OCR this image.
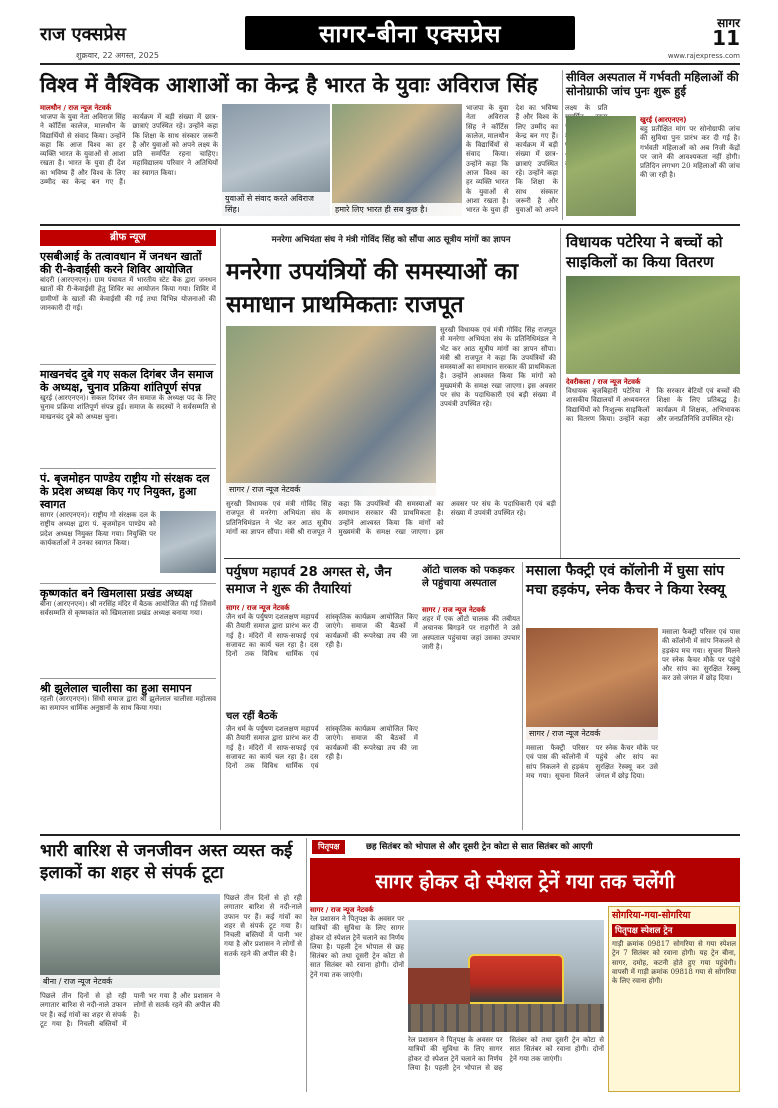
राज एक्सप्रेस
शुक्रवार, 22 अगस्त, 2025
सागर-बीना एक्सप्रेस	सागर
11
www.rajexpress.com
विश्व में वैश्विक आशाओं का केन्द्र है भारत के युवाः अविराज सिंह
मालथौन / राज न्यूज नेटवर्क
भाजपा के युवा नेता अविराज सिंह ने कॉर्टिस कालेज, मालथौन के विद्यार्थियों से संवाद किया। उन्होंने कहा कि आज विश्व का हर व्यक्ति भारत के युवाओं से आशा रखता है। भारत के युवा ही देश का भविष्य हैं और विश्व के लिए उम्मीद का केन्द्र बन गए हैं। कार्यक्रम में बड़ी संख्या में छात्र-छात्राएं उपस्थित रहे। उन्होंने कहा कि शिक्षा के साथ संस्कार जरूरी है और युवाओं को अपने लक्ष्य के प्रति समर्पित रहना चाहिए। महाविद्यालय परिवार ने अतिथियों का स्वागत किया।
युवाओं से संवाद करते अविराज सिंह।	हमारे लिए भारत ही सब कुछ है।
भाजपा के युवा नेता अविराज सिंह ने कॉर्टिस कालेज, मालथौन के विद्यार्थियों से संवाद किया। उन्होंने कहा कि आज विश्व का हर व्यक्ति भारत के युवाओं से आशा रखता है। भारत के युवा ही देश का भविष्य हैं और विश्व के लिए उम्मीद का केन्द्र बन गए हैं। कार्यक्रम में बड़ी संख्या में छात्र-छात्राएं उपस्थित रहे। उन्होंने कहा कि शिक्षा के साथ संस्कार जरूरी है और युवाओं को अपने लक्ष्य के प्रति
सीविल अस्पताल में गर्भवती महिलाओं की सोनोग्राफी जांच पुनः शुरू हुई
खुरई (आरएनएन)
बहु प्रतीक्षित मांग पर सोनोग्राफी जांच की सुविधा पुनः प्रारंभ कर दी गई है। गर्भवती महिलाओं को अब निजी केंद्रों पर जाने की आवश्यकता नहीं होगी। प्रतिदिन लगभग 20 महिलाओं की जांच की जा रही है।
ब्रीफ न्यूज
एसबीआई के तत्वावधान में जनधन खातों की री-केवाईसी करने शिविर आयोजित
बांदरी (आरएनएन)। ग्राम पंचायत में भारतीय स्टेट बैंक द्वारा जनधन खातों की री-केवाईसी हेतु शिविर का आयोजन किया गया। शिविर में ग्रामीणों के खातों की केवाईसी की गई तथा विभिन्न योजनाओं की जानकारी दी गई।
माखनचंद दुबे गए सकल दिगंबर जैन समाज के अध्यक्ष, चुनाव प्रक्रिया शांतिपूर्ण संपन्न
खुरई (आरएनएन)। सकल दिगंबर जैन समाज के अध्यक्ष पद के लिए चुनाव प्रक्रिया शांतिपूर्ण संपन्न हुई। समाज के सदस्यों ने सर्वसम्मति से माखनचंद दुबे को अध्यक्ष चुना।
पं. बृजमोहन पाण्डेय राष्ट्रीय गो संरक्षक दल के प्रदेश अध्यक्ष किए गए नियुक्त, हुआ स्वागत
सागर (आरएनएन)। राष्ट्रीय गो संरक्षक दल के राष्ट्रीय अध्यक्ष द्वारा पं. बृजमोहन पाण्डेय को प्रदेश अध्यक्ष नियुक्त किया गया। नियुक्ति पर कार्यकर्ताओं ने उनका स्वागत किया।
कृष्णकांत बने खिमलासा प्रखंड अध्यक्ष
बीना (आरएनएन)। श्री नरसिंह मंदिर में बैठक आयोजित की गई जिसमें सर्वसम्मति से कृष्णकांत को खिमलासा प्रखंड अध्यक्ष बनाया गया।
श्री झुलेलाल चालीसा का हुआ समापन
रहली (आरएनएन)। सिंधी समाज द्वारा श्री झुलेलाल चालीसा महोत्सव का समापन धार्मिक अनुष्ठानों के साथ किया गया।
मनरेगा अभियंता संघ ने मंत्री गोविंद सिंह को सौंपा आठ सूत्रीय मांगों का ज्ञापन
मनरेगा उपयंत्रियों की समस्याओं का समाधान प्राथमिकताः राजपूत
सागर / राज न्यूज नेटवर्क
सुरखी विधायक एवं मंत्री गोविंद सिंह राजपूत से मनरेगा अभियंता संघ के प्रतिनिधिमंडल ने भेंट कर आठ सूत्रीय मांगों का ज्ञापन सौंपा। मंत्री श्री राजपूत ने कहा कि उपयंत्रियों की समस्याओं का समाधान सरकार की प्राथमिकता है। उन्होंने आश्वस्त किया कि मांगों को मुख्यमंत्री के समक्ष रखा जाएगा। इस अवसर पर संघ के पदाधिकारी एवं बड़ी संख्या में उपयंत्री उपस्थित रहे।
सुरखी विधायक एवं मंत्री गोविंद सिंह राजपूत से मनरेगा अभियंता संघ के प्रतिनिधिमंडल ने भेंट कर आठ सूत्रीय मांगों का ज्ञापन सौंपा। मंत्री श्री राजपूत ने कहा कि उपयंत्रियों की समस्याओं का समाधान सरकार की प्राथमिकता है। उन्होंने आश्वस्त किया कि मांगों को मुख्यमंत्री के समक्ष रखा जाएगा। इस अवसर पर संघ के पदाधिकारी एवं बड़ी संख्या में उपयंत्री उपस्थित रहे।
विधायक पटेरिया ने बच्चों को साइकिलों का किया वितरण
देवरीकला / राज न्यूज नेटवर्क
विधायक बृजबिहारी पटेरिया ने शासकीय विद्यालयों में अध्ययनरत विद्यार्थियों को निःशुल्क साइकिलों का वितरण किया। उन्होंने कहा कि सरकार बेटियों एवं बच्चों की शिक्षा के लिए प्रतिबद्ध है। कार्यक्रम में शिक्षक, अभिभावक और जनप्रतिनिधि उपस्थित रहे।
पर्युषण महापर्व 28 अगस्त से, जैन समाज ने शुरू की तैयारियां
सागर / राज न्यूज नेटवर्क
जैन धर्म के पर्युषण दशलक्षण महापर्व की तैयारी समाज द्वारा प्रारंभ कर दी गई है। मंदिरों में साफ-सफाई एवं सजावट का कार्य चल रहा है। दस दिनों तक विविध धार्मिक एवं सांस्कृतिक कार्यक्रम आयोजित किए जाएंगे। समाज की बैठकों में कार्यक्रमों की रूपरेखा तय की जा रही है।
चल रहीं बैठकें
जैन धर्म के पर्युषण दशलक्षण महापर्व की तैयारी समाज द्वारा प्रारंभ कर दी गई है। मंदिरों में साफ-सफाई एवं सजावट का कार्य चल रहा है। दस दिनों तक विविध धार्मिक एवं सांस्कृतिक कार्यक्रम आयोजित किए जाएंगे। समाज की बैठकों में कार्यक्रमों की रूपरेखा तय की जा रही है।
ऑटो चालक को पकड़कर ले पहुंचाया अस्पताल
सागर / राज न्यूज नेटवर्क
शहर में एक ऑटो चालक की तबीयत अचानक बिगड़ने पर राहगीरों ने उसे अस्पताल पहुंचाया जहां उसका उपचार जारी है।
मसाला फैक्ट्री एवं कॉलोनी में घुसा सांप मचा हड़कंप, स्नेक कैचर ने किया रेस्क्यू
सागर / राज न्यूज नेटवर्क
मसाला फैक्ट्री परिसर एवं पास की कॉलोनी में सांप निकलने से हड़कंप मच गया। सूचना मिलने पर स्नेक कैचर मौके पर पहुंचे और सांप का सुरक्षित रेस्क्यू कर उसे जंगल में छोड़ दिया।
मसाला फैक्ट्री परिसर एवं पास की कॉलोनी में सांप निकलने से हड़कंप मच गया। सूचना मिलने पर स्नेक कैचर मौके पर पहुंचे और सांप का सुरक्षित रेस्क्यू कर उसे जंगल में छोड़ दिया।
भारी बारिश से जनजीवन अस्त व्यस्त कई इलाकों का शहर से संपर्क टूटा
बीना / राज न्यूज नेटवर्क
पिछले तीन दिनों से हो रही लगातार बारिश से नदी-नाले उफान पर हैं। कई गांवों का शहर से संपर्क टूट गया है। निचली बस्तियों में पानी भर गया है और प्रशासन ने लोगों से सतर्क रहने की अपील की है।
पिछले तीन दिनों से हो रही लगातार बारिश से नदी-नाले उफान पर हैं। कई गांवों का शहर से संपर्क टूट गया है। निचली बस्तियों में पानी भर गया है और प्रशासन ने लोगों से सतर्क रहने की अपील की है।
पितृपक्ष	छह सितंबर को भोपाल से और दूसरी ट्रेन कोटा से सात सितंबर को आएगी
सागर होकर दो स्पेशल ट्रेनें गया तक चलेंगी
सागर / राज न्यूज नेटवर्क
रेल प्रशासन ने पितृपक्ष के अवसर पर यात्रियों की सुविधा के लिए सागर होकर दो स्पेशल ट्रेनें चलाने का निर्णय लिया है। पहली ट्रेन भोपाल से छह सितंबर को तथा दूसरी ट्रेन कोटा से सात सितंबर को रवाना होगी। दोनों ट्रेनें गया तक जाएंगी।
रेल प्रशासन ने पितृपक्ष के अवसर पर यात्रियों की सुविधा के लिए सागर होकर दो स्पेशल ट्रेनें चलाने का निर्णय लिया है। पहली ट्रेन भोपाल से छह सितंबर को तथा दूसरी ट्रेन कोटा से सात सितंबर को रवाना होगी। दोनों ट्रेनें गया तक जाएंगी।
सोगरिया-गया-सोगरिया
पितृपक्ष स्पेशल ट्रेन
गाड़ी क्रमांक 09817 सोगरिया से गया स्पेशल ट्रेन 7 सितंबर को रवाना होगी। यह ट्रेन बीना, सागर, दमोह, कटनी होते हुए गया पहुंचेगी। वापसी में गाड़ी क्रमांक 09818 गया से सोगरिया के लिए रवाना होगी।
